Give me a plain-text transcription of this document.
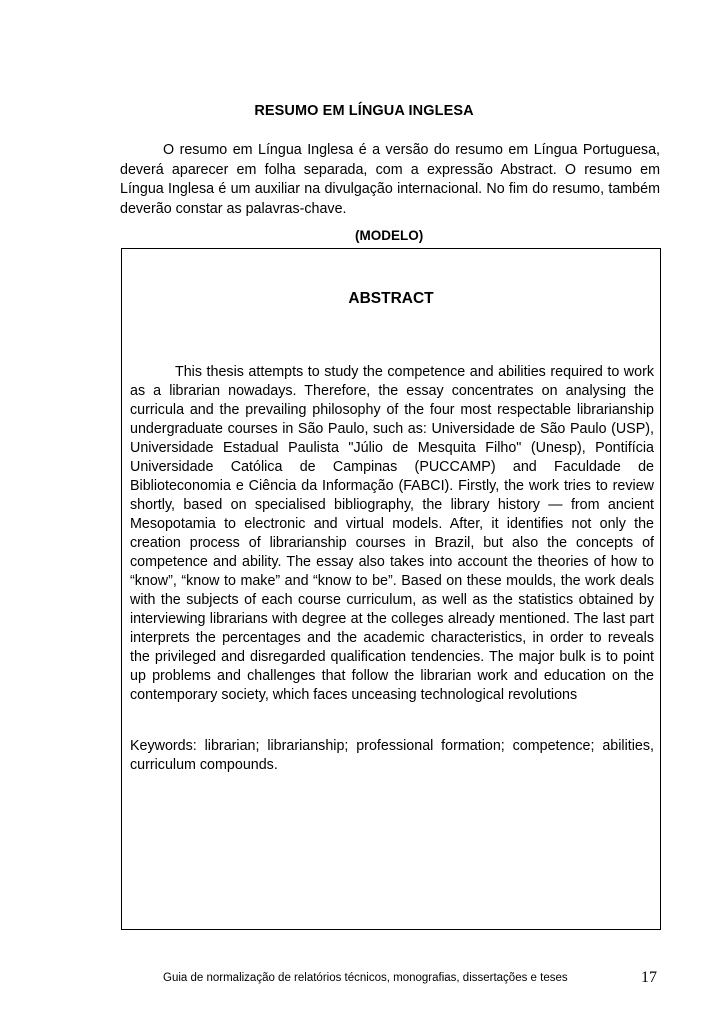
RESUMO EM LÍNGUA INGLESA

O resumo em Língua Inglesa é a versão do resumo em Língua Portuguesa, deverá aparecer em folha separada, com a expressão Abstract. O resumo em Língua Inglesa é um auxiliar na divulgação internacional. No fim do resumo, também deverão constar as palavras-chave.

(MODELO)

ABSTRACT

This thesis attempts to study the competence and abilities required to work as a librarian nowadays. Therefore, the essay concentrates on analysing the curricula and the prevailing philosophy of the four most respectable librarianship undergraduate courses in São Paulo, such as: Universidade de São Paulo (USP), Universidade Estadual Paulista "Júlio de Mesquita Filho" (Unesp), Pontifícia Universidade Católica de Campinas (PUCCAMP) and Faculdade de Biblioteconomia e Ciência da Informação (FABCI). Firstly, the work tries to review shortly, based on specialised bibliography, the library history — from ancient Mesopotamia to electronic and virtual models. After, it identifies not only the creation process of librarianship courses in Brazil, but also the concepts of competence and ability. The essay also takes into account the theories of how to “know”, “know to make” and “know to be”. Based on these moulds, the work deals with the subjects of each course curriculum, as well as the statistics obtained by interviewing librarians with degree at the colleges already mentioned. The last part interprets the percentages and the academic characteristics, in order to reveals the privileged and disregarded qualification tendencies. The major bulk is to point up problems and challenges that follow the librarian work and education on the contemporary society, which faces unceasing technological revolutions

Keywords: librarian; librarianship; professional formation; competence; abilities, curriculum compounds.

Guia de normalização de relatórios técnicos, monografias, dissertações e teses	17
